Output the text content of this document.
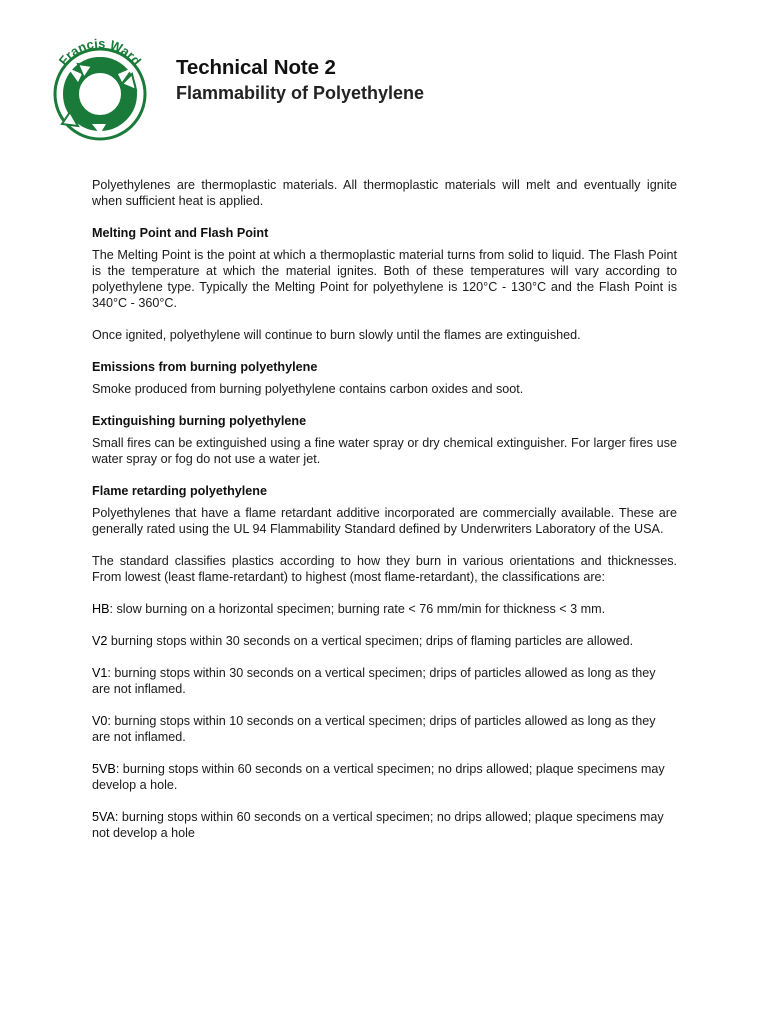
Francis Ward Technical Note 2
Flammability of Polyethylene

Polyethylenes are thermoplastic materials. All thermoplastic materials will melt and eventually ignite when sufficient heat is applied.

Melting Point and Flash Point

The Melting Point is the point at which a thermoplastic material turns from solid to liquid. The Flash Point is the temperature at which the material ignites. Both of these temperatures will vary according to polyethylene type. Typically the Melting Point for polyethylene is 120°C - 130°C and the Flash Point is 340°C - 360°C.

Once ignited, polyethylene will continue to burn slowly until the flames are extinguished.

Emissions from burning polyethylene

Smoke produced from burning polyethylene contains carbon oxides and soot.

Extinguishing burning polyethylene

Small fires can be extinguished using a fine water spray or dry chemical extinguisher. For larger fires use water spray or fog do not use a water jet.

Flame retarding polyethylene

Polyethylenes that have a flame retardant additive incorporated are commercially available. These are generally rated using the UL 94 Flammability Standard defined by Underwriters Laboratory of the USA.

The standard classifies plastics according to how they burn in various orientations and thicknesses. From lowest (least flame-retardant) to highest (most flame-retardant), the classifications are:

HB: slow burning on a horizontal specimen; burning rate < 76 mm/min for thickness < 3 mm.

V2 burning stops within 30 seconds on a vertical specimen; drips of flaming particles are allowed.

V1: burning stops within 30 seconds on a vertical specimen; drips of particles allowed as long as they are not inflamed.

V0: burning stops within 10 seconds on a vertical specimen; drips of particles allowed as long as they are not inflamed.

5VB: burning stops within 60 seconds on a vertical specimen; no drips allowed; plaque specimens may develop a hole.

5VA: burning stops within 60 seconds on a vertical specimen; no drips allowed; plaque specimens may not develop a hole
